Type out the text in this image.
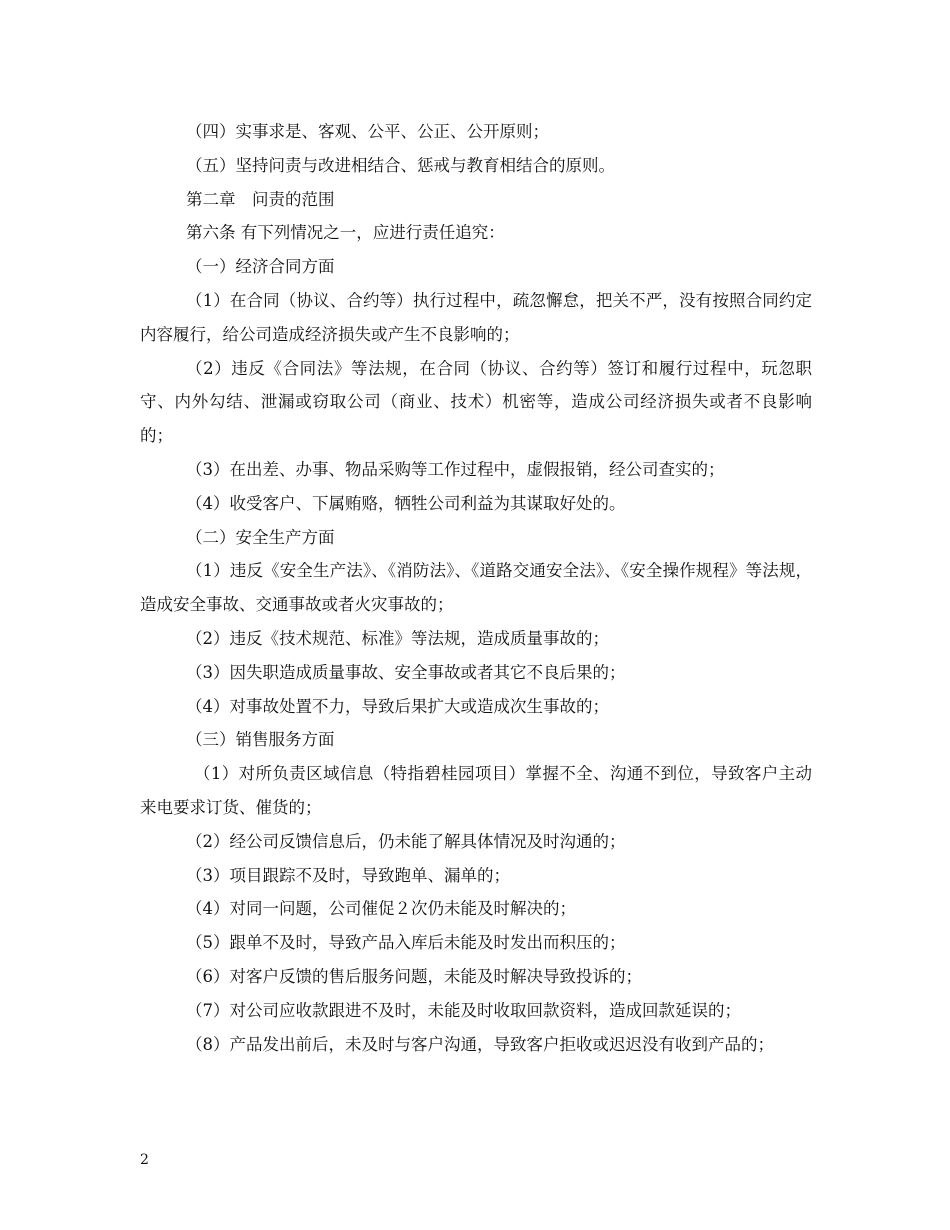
（四）实事求是、客观、公平、公正、公开原则；

（五）坚持问责与改进相结合、惩戒与教育相结合的原则。

第二章　问责的范围

第六条 有下列情况之一，应进行责任追究：

（一）经济合同方面

（1）在合同（协议、合约等）执行过程中，疏忽懈怠，把关不严，没有按照合同约定内容履行，给公司造成经济损失或产生不良影响的；

（2）违反《合同法》等法规，在合同（协议、合约等）签订和履行过程中，玩忽职守、内外勾结、泄漏或窃取公司（商业、技术）机密等，造成公司经济损失或者不良影响的；

（3）在出差、办事、物品采购等工作过程中，虚假报销，经公司查实的；

（4）收受客户、下属贿赂，牺牲公司利益为其谋取好处的。

（二）安全生产方面

（1）违反《安全生产法》、《消防法》、《道路交通安全法》、《安全操作规程》等法规，造成安全事故、交通事故或者火灾事故的；

（2）违反《技术规范、标准》等法规，造成质量事故的；

（3）因失职造成质量事故、安全事故或者其它不良后果的；

（4）对事故处置不力，导致后果扩大或造成次生事故的；

（三）销售服务方面

（1）对所负责区域信息（特指碧桂园项目）掌握不全、沟通不到位，导致客户主动来电要求订货、催货的；

（2）经公司反馈信息后，仍未能了解具体情况及时沟通的；

（3）项目跟踪不及时，导致跑单、漏单的；

（4）对同一问题，公司催促２次仍未能及时解决的；

（5）跟单不及时，导致产品入库后未能及时发出而积压的；

（6）对客户反馈的售后服务问题，未能及时解决导致投诉的；

（7）对公司应收款跟进不及时，未能及时收取回款资料，造成回款延误的；

（8）产品发出前后，未及时与客户沟通，导致客户拒收或迟迟没有收到产品的；

2
